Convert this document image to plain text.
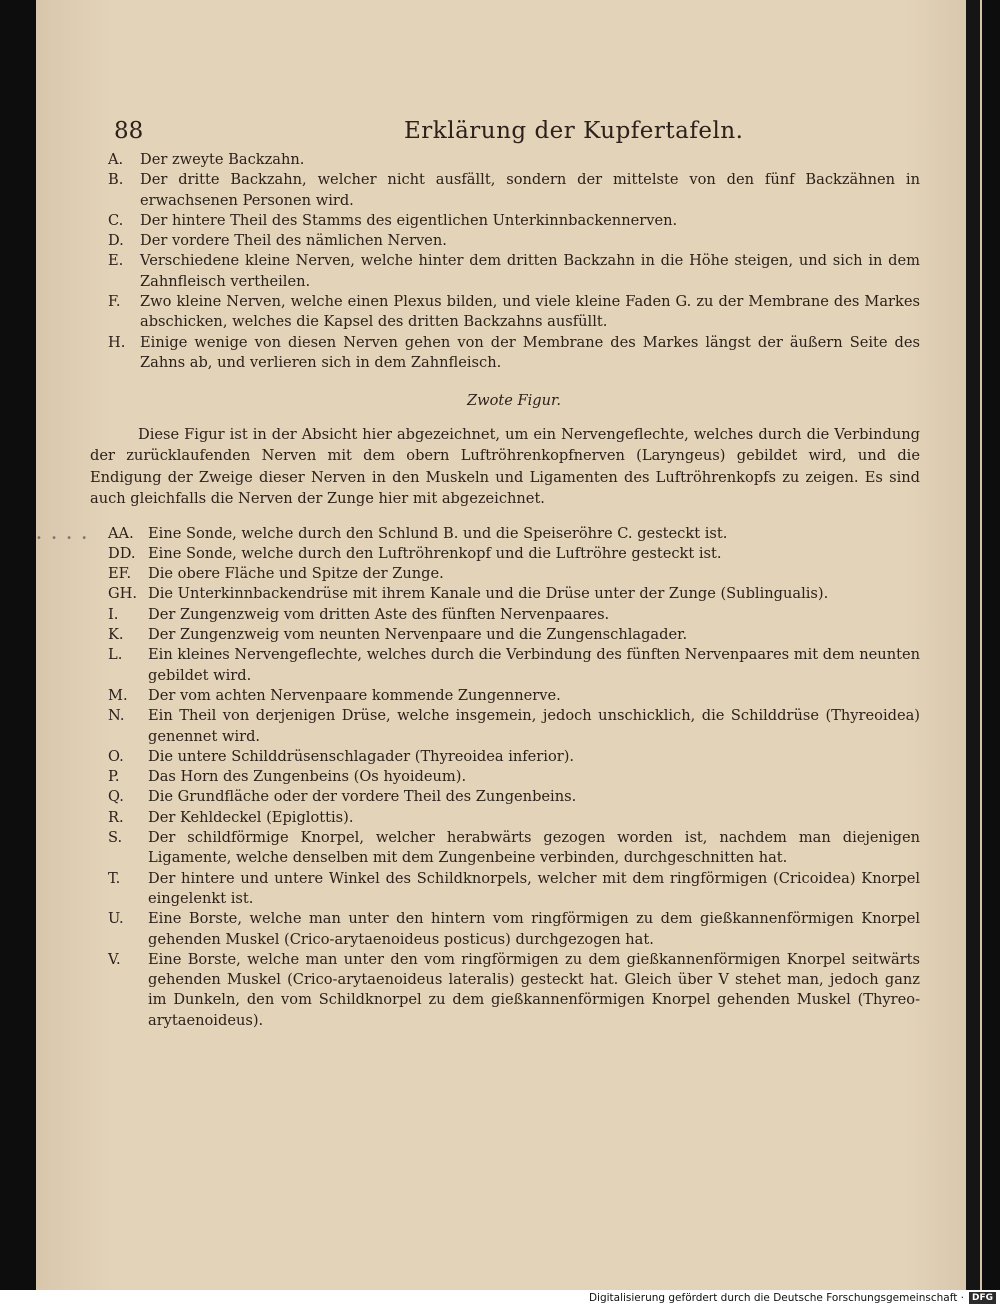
• • • •
88	Erklärung der Kupfertafeln.
A.	Der zweyte Backzahn.
B.	Der dritte Backzahn, welcher nicht ausfällt, sondern der mittelste von den fünf Backzähnen in erwachsenen Personen wird.
C.	Der hintere Theil des Stamms des eigentlichen Unterkinnbackennerven.
D.	Der vordere Theil des nämlichen Nerven.
E.	Verschiedene kleine Nerven, welche hinter dem dritten Backzahn in die Höhe steigen, und sich in dem Zahnfleisch vertheilen.
F.	Zwo kleine Nerven, welche einen Plexus bilden, und viele kleine Faden G. zu der Membrane des Markes abschicken, welches die Kapsel des dritten Backzahns ausfüllt.
H.	Einige wenige von diesen Nerven gehen von der Membrane des Markes längst der äußern Seite des Zahns ab, und verlieren sich in dem Zahnfleisch.
Zwote Figur.

Diese Figur ist in der Absicht hier abgezeichnet, um ein Nervengeflechte, welches durch die Verbindung der zurücklaufenden Nerven mit dem obern Luftröhrenkopfnerven (Laryngeus) gebildet wird, und die Endigung der Zweige dieser Nerven in den Muskeln und Ligamenten des Luftröhrenkopfs zu zeigen. Es sind auch gleichfalls die Nerven der Zunge hier mit abgezeichnet.

AA. Eine Sonde, welche durch den Schlund B. und die Speiseröhre C. gesteckt ist.
DD. Eine Sonde, welche durch den Luftröhrenkopf und die Luftröhre gesteckt ist.
EF.	Die obere Fläche und Spitze der Zunge.
GH. Die Unterkinnbackendrüse mit ihrem Kanale und die Drüse unter der Zunge (Sublingualis).
I.	Der Zungenzweig vom dritten Aste des fünften Nervenpaares.
K.	Der Zungenzweig vom neunten Nervenpaare und die Zungenschlagader.
L.	Ein kleines Nervengeflechte, welches durch die Verbindung des fünften Nervenpaares mit dem neunten gebildet wird.
M.	Der vom achten Nervenpaare kommende Zungennerve.
N.	Ein Theil von derjenigen Drüse, welche insgemein, jedoch unschicklich, die Schilddrüse (Thyreoidea) genennet wird.
O.	Die untere Schilddrüsenschlagader (Thyreoidea inferior).
P.	Das Horn des Zungenbeins (Os hyoideum).
Q.	Die Grundfläche oder der vordere Theil des Zungenbeins.
R.	Der Kehldeckel (Epiglottis).
S.	Der schildförmige Knorpel, welcher herabwärts gezogen worden ist, nachdem man diejenigen Ligamente, welche denselben mit dem Zungenbeine verbinden, durchgeschnitten hat.
T.	Der hintere und untere Winkel des Schildknorpels, welcher mit dem ringförmigen (Cricoidea) Knorpel eingelenkt ist.
U.	Eine Borste, welche man unter den hintern vom ringförmigen zu dem gießkannenförmigen Knorpel gehenden Muskel (Crico-arytaenoideus posticus) durchgezogen hat.
V.	Eine Borste, welche man unter den vom ringförmigen zu dem gießkannenförmigen Knorpel seitwärts gehenden Muskel (Crico-arytaenoideus lateralis) gesteckt hat. Gleich über V stehet man, jedoch ganz im Dunkeln, den vom Schildknorpel zu dem gießkannenförmigen Knorpel gehenden Muskel (Thyreo-arytaenoideus).
Digitalisierung gefördert durch die Deutsche Forschungsgemeinschaft · DFG
